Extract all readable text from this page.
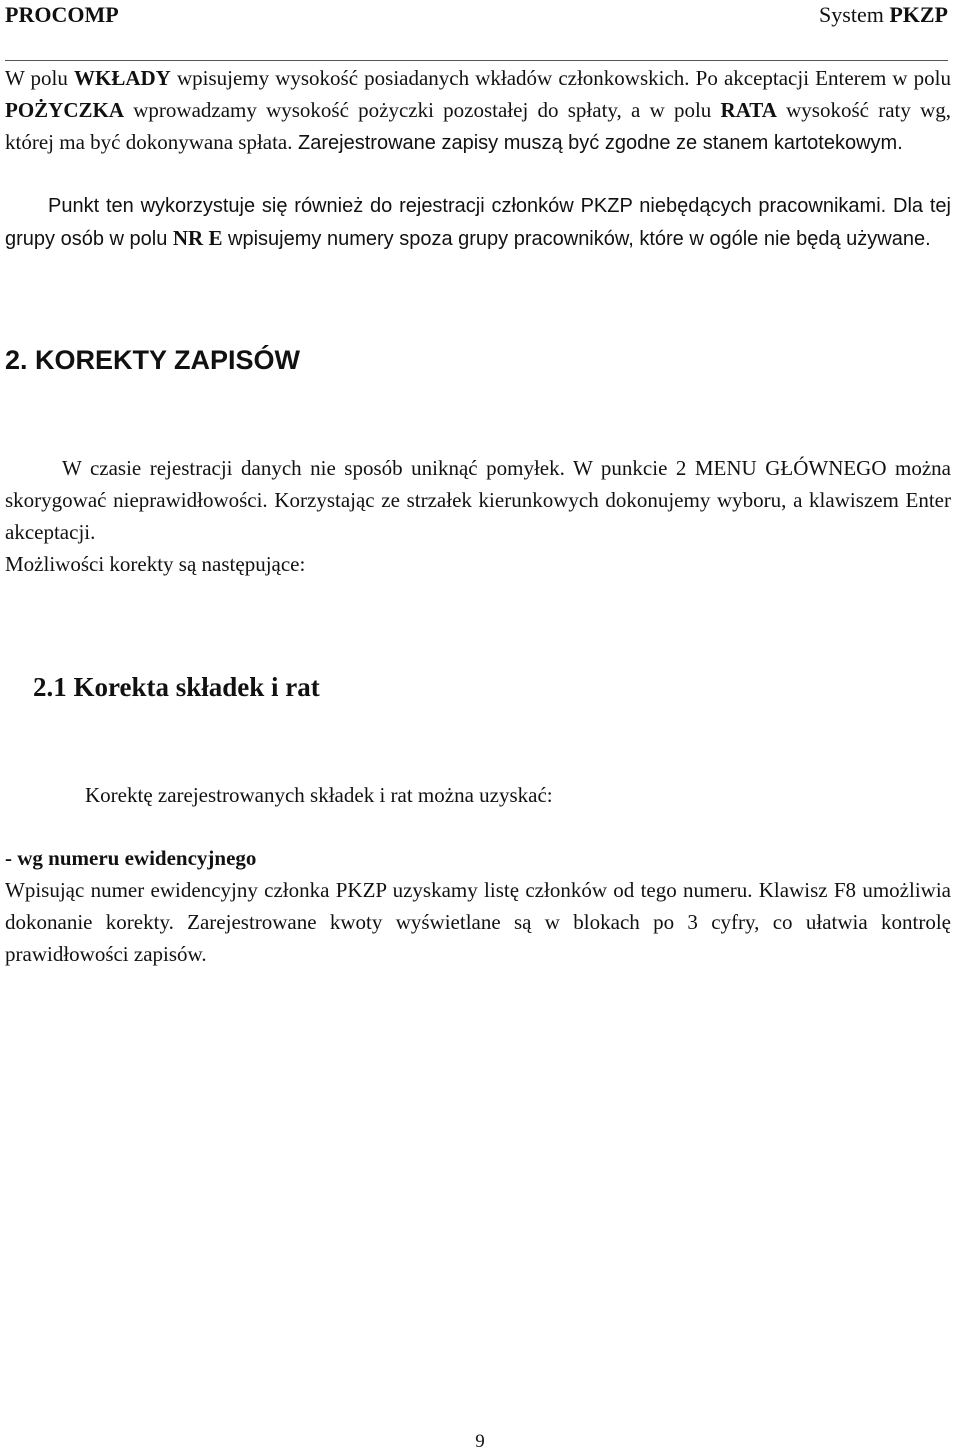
PROCOMP	System PKZP

W polu WKŁADY wpisujemy wysokość posiadanych wkładów członkowskich. Po akceptacji Enterem w polu POŻYCZKA wprowadzamy wysokość pożyczki pozostałej do spłaty, a w polu RATA wysokość raty wg, której ma być dokonywana spłata. Zarejestrowane zapisy muszą być zgodne ze stanem kartotekowym.

Punkt ten wykorzystuje się również do rejestracji członków PKZP niebędących pracownikami. Dla tej grupy osób w polu NR E wpisujemy numery spoza grupy pracowników, które w ogóle nie będą używane.

2. KOREKTY ZAPISÓW

W czasie rejestracji danych nie sposób uniknąć pomyłek. W punkcie 2 MENU GŁÓWNEGO można skorygować nieprawidłowości. Korzystając ze strzałek kierunkowych dokonujemy wyboru, a klawiszem Enter akceptacji.

Możliwości korekty są następujące:

2.1 Korekta składek i rat

Korektę zarejestrowanych składek i rat można uzyskać:

- wg numeru ewidencyjnego

Wpisując numer ewidencyjny członka PKZP uzyskamy listę członków od tego numeru. Klawisz F8 umożliwia dokonanie korekty. Zarejestrowane kwoty wyświetlane są w blokach po 3 cyfry, co ułatwia kontrolę prawidłowości zapisów.

9
